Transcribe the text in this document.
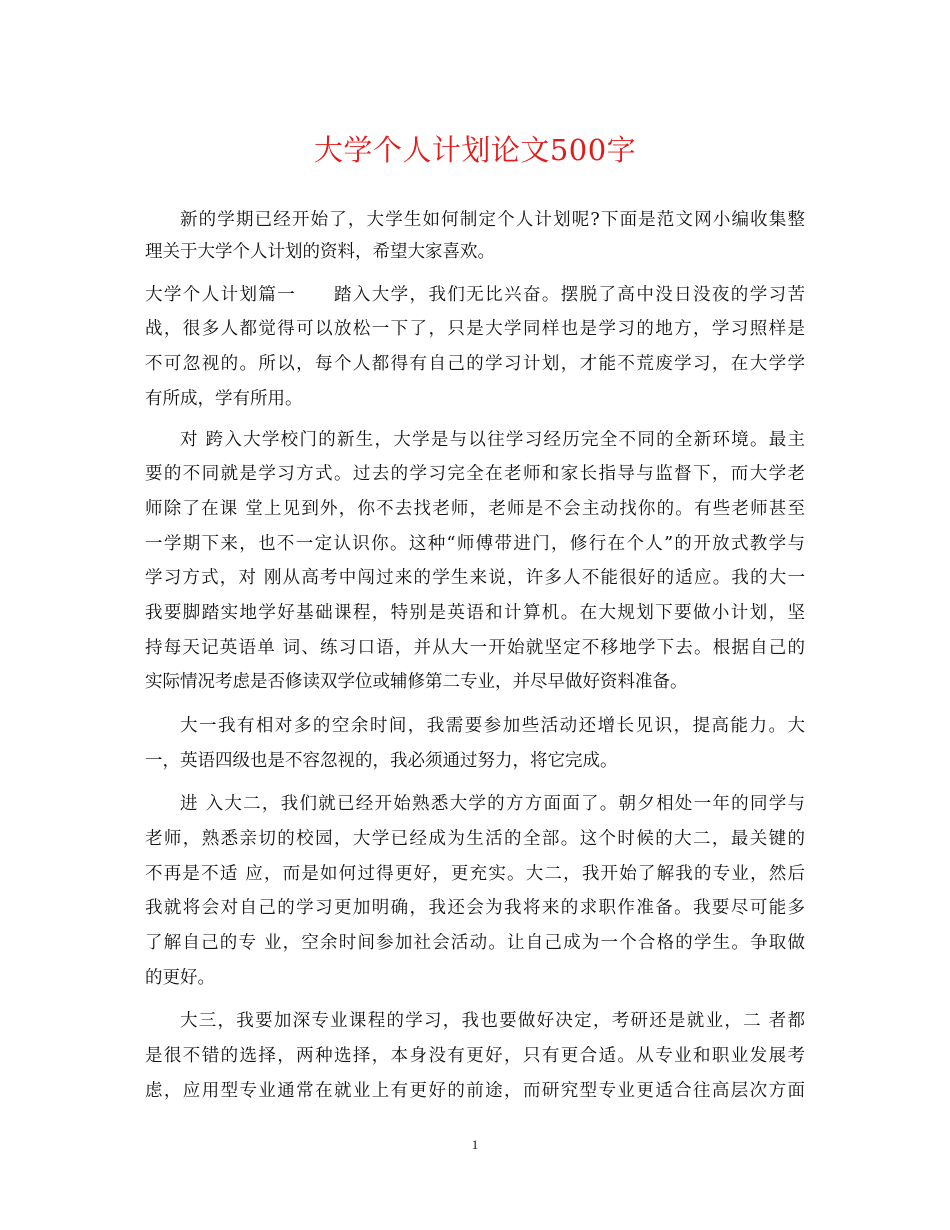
大学个人计划论文500字
新的学期已经开始了，大学生如何制定个人计划呢?下面是范文网小编收集整
理关于大学个人计划的资料，希望大家喜欢。
大学个人计划篇一　　踏入大学，我们无比兴奋。摆脱了高中没日没夜的学习苦
战，很多人都觉得可以放松一下了，只是大学同样也是学习的地方，学习照样是
不可忽视的。所以，每个人都得有自己的学习计划，才能不荒废学习，在大学学
有所成，学有所用。
对 跨入大学校门的新生，大学是与以往学习经历完全不同的全新环境。最主
要的不同就是学习方式。过去的学习完全在老师和家长指导与监督下，而大学老
师除了在课 堂上见到外，你不去找老师，老师是不会主动找你的。有些老师甚至
一学期下来，也不一定认识你。这种“师傅带进门，修行在个人”的开放式教学与
学习方式，对 刚从高考中闯过来的学生来说，许多人不能很好的适应。我的大一
我要脚踏实地学好基础课程，特别是英语和计算机。在大规划下要做小计划，坚
持每天记英语单 词、练习口语，并从大一开始就坚定不移地学下去。根据自己的
实际情况考虑是否修读双学位或辅修第二专业，并尽早做好资料准备。
大一我有相对多的空余时间，我需要参加些活动还增长见识，提高能力。大
一，英语四级也是不容忽视的，我必须通过努力，将它完成。
进 入大二，我们就已经开始熟悉大学的方方面面了。朝夕相处一年的同学与
老师，熟悉亲切的校园，大学已经成为生活的全部。这个时候的大二，最关键的
不再是不适 应，而是如何过得更好，更充实。大二，我开始了解我的专业，然后
我就将会对自己的学习更加明确，我还会为我将来的求职作准备。我要尽可能多
了解自己的专 业，空余时间参加社会活动。让自己成为一个合格的学生。争取做
的更好。
大三，我要加深专业课程的学习，我也要做好决定，考研还是就业，二 者都
是很不错的选择，两种选择，本身没有更好，只有更合适。从专业和职业发展考
虑，应用型专业通常在就业上有更好的前途，而研究型专业更适合往高层次方面
1
